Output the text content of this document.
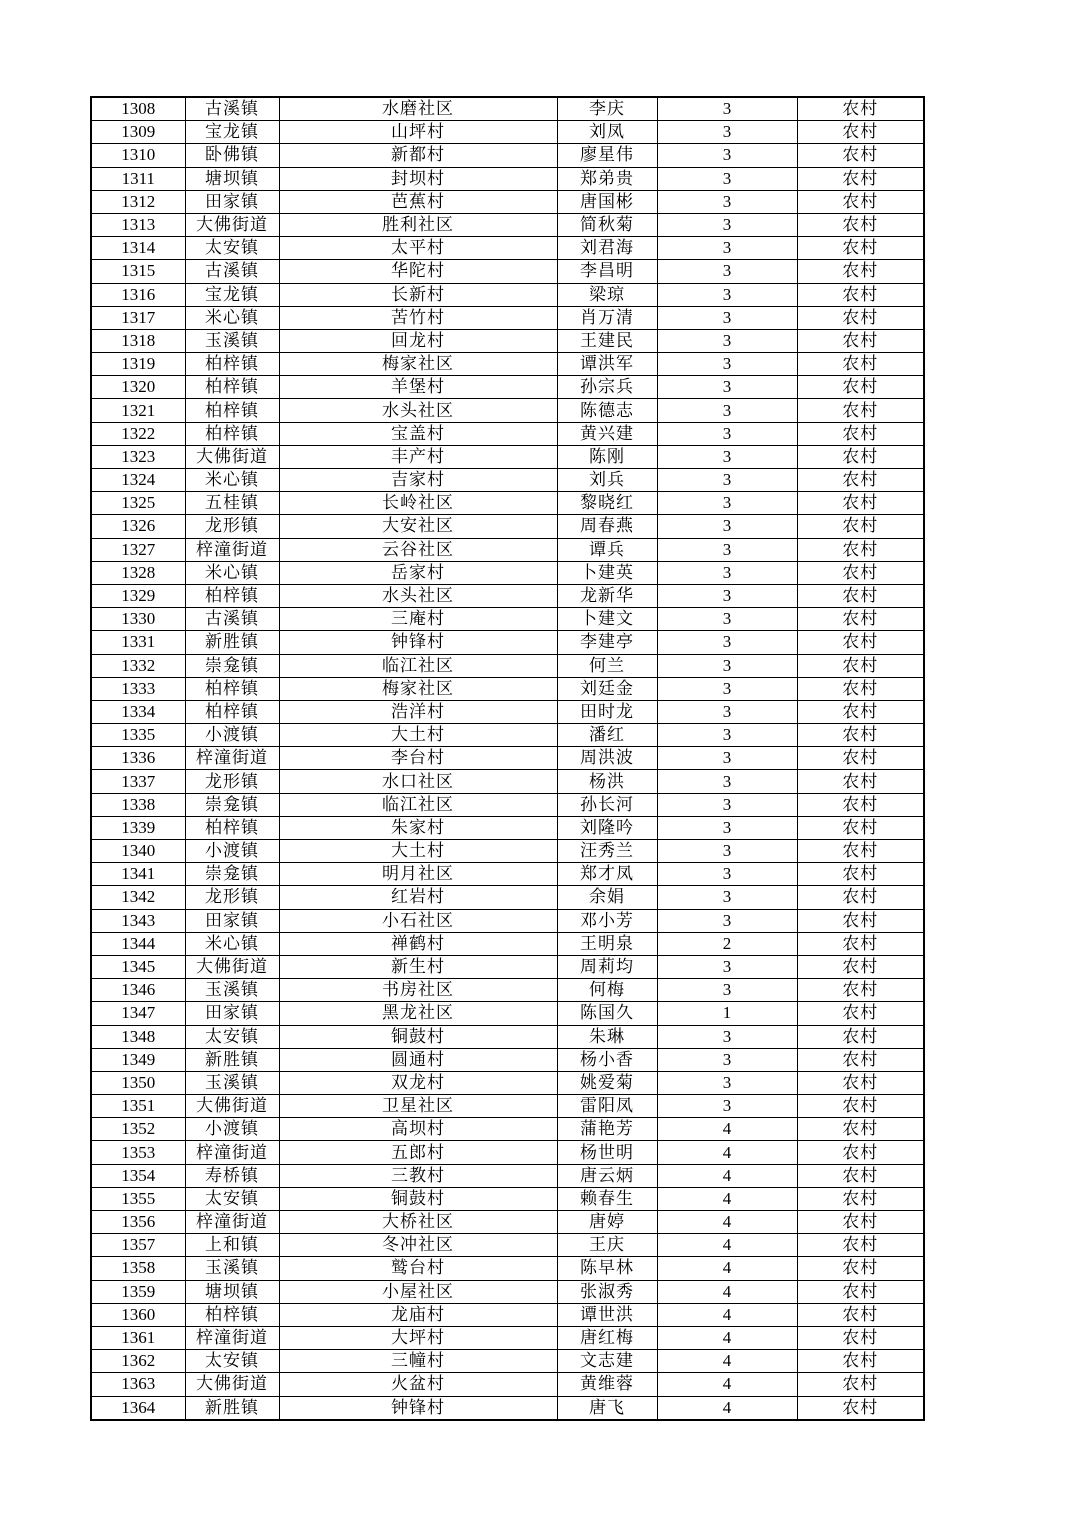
1308	古溪镇	水磨社区	李庆	3	农村
1309	宝龙镇	山坪村	刘凤	3	农村
1310	卧佛镇	新都村	廖星伟	3	农村
1311	塘坝镇	封坝村	郑弟贵	3	农村
1312	田家镇	芭蕉村	唐国彬	3	农村
1313	大佛街道	胜利社区	简秋菊	3	农村
1314	太安镇	太平村	刘君海	3	农村
1315	古溪镇	华陀村	李昌明	3	农村
1316	宝龙镇	长新村	梁琼	3	农村
1317	米心镇	苦竹村	肖万清	3	农村
1318	玉溪镇	回龙村	王建民	3	农村
1319	柏梓镇	梅家社区	谭洪军	3	农村
1320	柏梓镇	羊堡村	孙宗兵	3	农村
1321	柏梓镇	水头社区	陈德志	3	农村
1322	柏梓镇	宝盖村	黄兴建	3	农村
1323	大佛街道	丰产村	陈刚	3	农村
1324	米心镇	吉家村	刘兵	3	农村
1325	五桂镇	长岭社区	黎晓红	3	农村
1326	龙形镇	大安社区	周春燕	3	农村
1327	梓潼街道	云谷社区	谭兵	3	农村
1328	米心镇	岳家村	卜建英	3	农村
1329	柏梓镇	水头社区	龙新华	3	农村
1330	古溪镇	三庵村	卜建文	3	农村
1331	新胜镇	钟锋村	李建亭	3	农村
1332	崇龛镇	临江社区	何兰	3	农村
1333	柏梓镇	梅家社区	刘廷金	3	农村
1334	柏梓镇	浩洋村	田时龙	3	农村
1335	小渡镇	大土村	潘红	3	农村
1336	梓潼街道	李台村	周洪波	3	农村
1337	龙形镇	水口社区	杨洪	3	农村
1338	崇龛镇	临江社区	孙长河	3	农村
1339	柏梓镇	朱家村	刘隆吟	3	农村
1340	小渡镇	大土村	汪秀兰	3	农村
1341	崇龛镇	明月社区	郑才凤	3	农村
1342	龙形镇	红岩村	余娟	3	农村
1343	田家镇	小石社区	邓小芳	3	农村
1344	米心镇	禅鹤村	王明泉	2	农村
1345	大佛街道	新生村	周莉均	3	农村
1346	玉溪镇	书房社区	何梅	3	农村
1347	田家镇	黑龙社区	陈国久	1	农村
1348	太安镇	铜鼓村	朱琳	3	农村
1349	新胜镇	圆通村	杨小香	3	农村
1350	玉溪镇	双龙村	姚爱菊	3	农村
1351	大佛街道	卫星社区	雷阳凤	3	农村
1352	小渡镇	高坝村	蒲艳芳	4	农村
1353	梓潼街道	五郎村	杨世明	4	农村
1354	寿桥镇	三教村	唐云炳	4	农村
1355	太安镇	铜鼓村	赖春生	4	农村
1356	梓潼街道	大桥社区	唐婷	4	农村
1357	上和镇	冬冲社区	王庆	4	农村
1358	玉溪镇	鹫台村	陈早林	4	农村
1359	塘坝镇	小屋社区	张淑秀	4	农村
1360	柏梓镇	龙庙村	谭世洪	4	农村
1361	梓潼街道	大坪村	唐红梅	4	农村
1362	太安镇	三幢村	文志建	4	农村
1363	大佛街道	火盆村	黄维蓉	4	农村
1364	新胜镇	钟锋村	唐飞	4	农村
